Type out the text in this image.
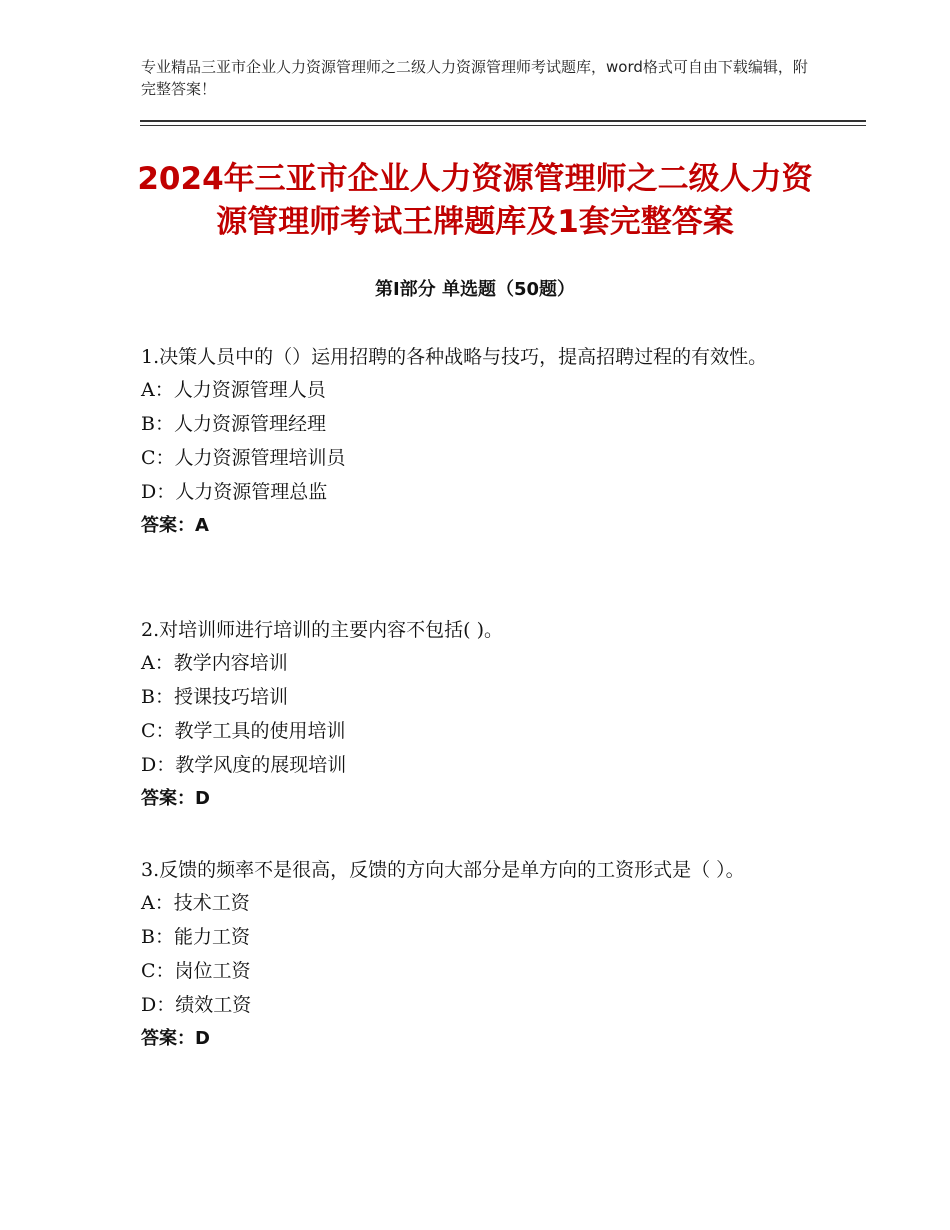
专业精品三亚市企业人力资源管理师之二级人力资源管理师考试题库，word格式可自由下载编辑，附完整答案！
2024年三亚市企业人力资源管理师之二级人力资源管理师考试王牌题库及1套完整答案
第Ⅰ部分 单选题（50题）

1.决策人员中的（）运用招聘的各种战略与技巧，提高招聘过程的有效性。

A：人力资源管理人员

B：人力资源管理经理

C：人力资源管理培训员

D：人力资源管理总监

答案：A

2.对培训师进行培训的主要内容不包括( )。

A：教学内容培训

B：授课技巧培训

C：教学工具的使用培训

D：教学风度的展现培训

答案：D

3.反馈的频率不是很高，反馈的方向大部分是单方向的工资形式是（ ）。

A：技术工资

B：能力工资

C：岗位工资

D：绩效工资

答案：D
